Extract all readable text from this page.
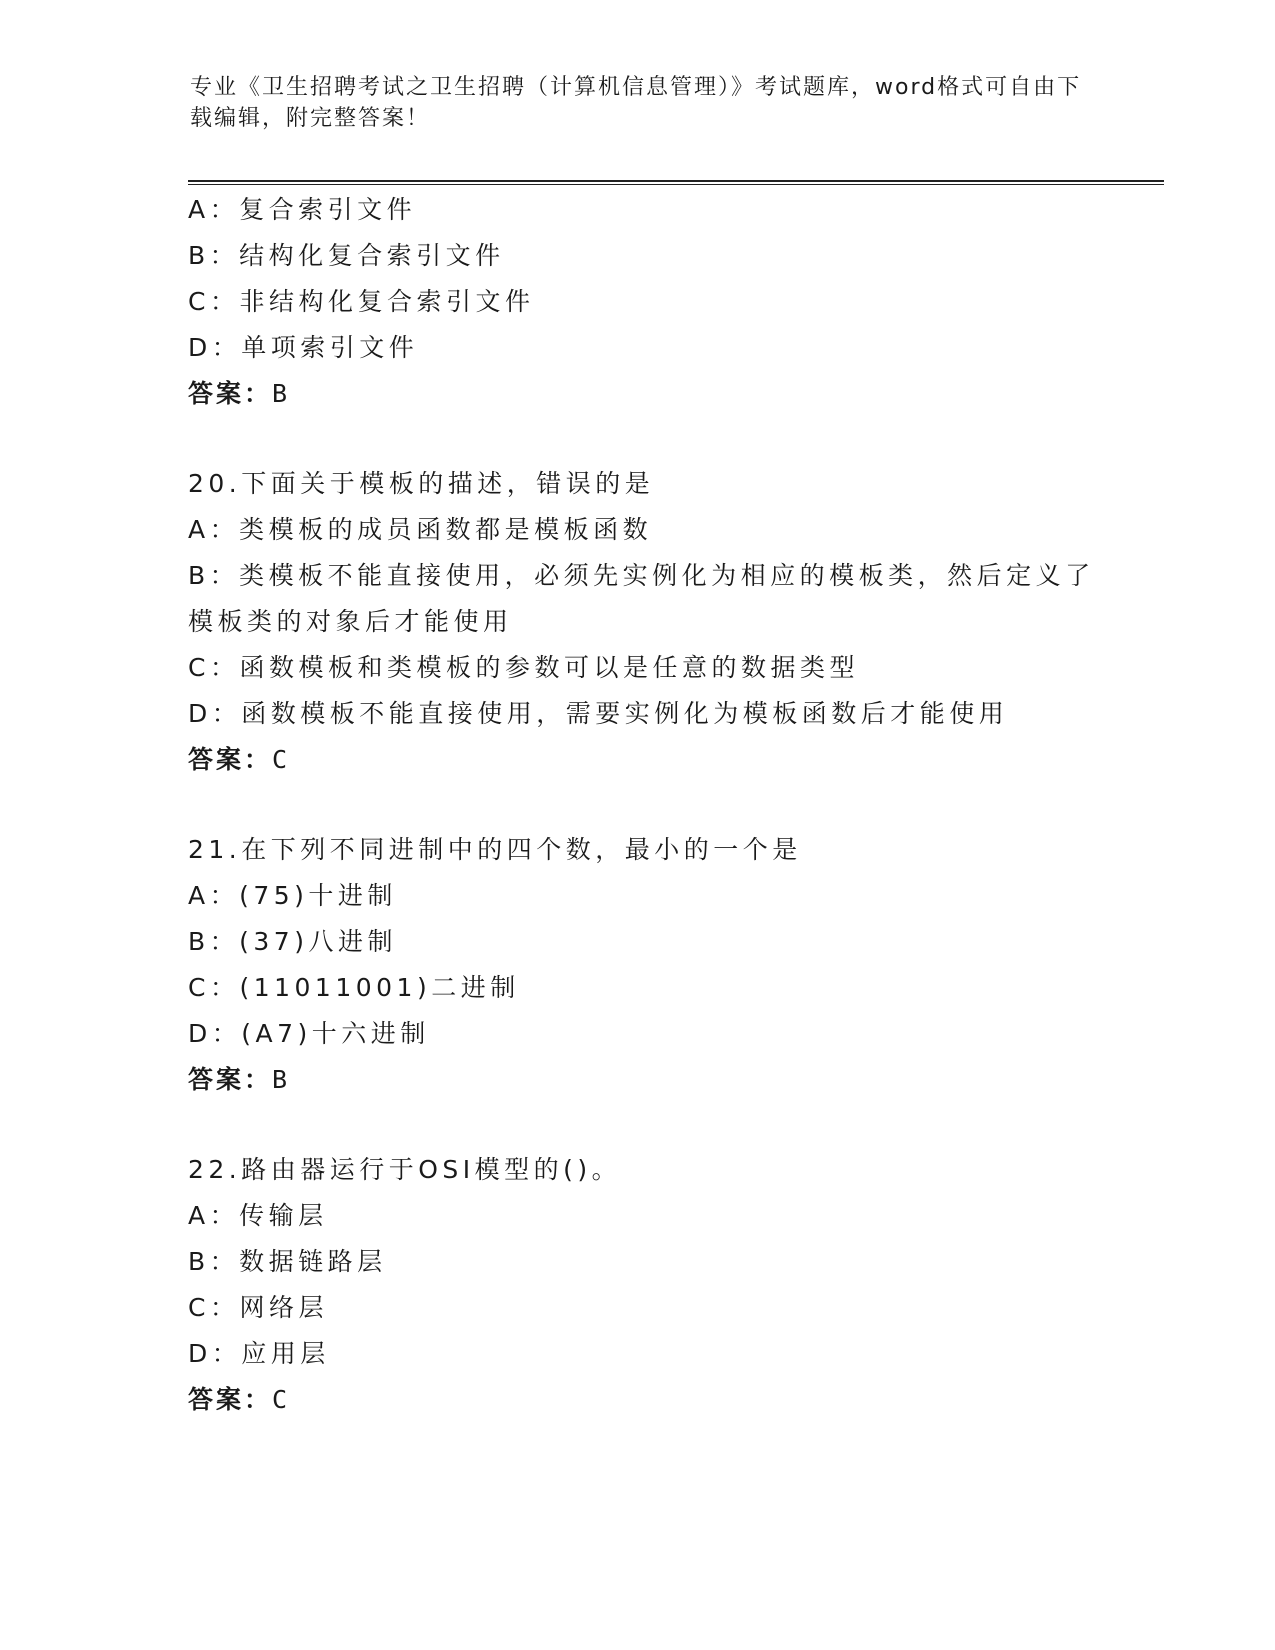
专业《卫生招聘考试之卫生招聘（计算机信息管理）》考试题库，word格式可自由下载编辑，附完整答案！

A：复合索引文件
B：结构化复合索引文件
C：非结构化复合索引文件
D：单项索引文件
答案：B
20.下面关于模板的描述，错误的是
A：类模板的成员函数都是模板函数
B：类模板不能直接使用，必须先实例化为相应的模板类，然后定义了
模板类的对象后才能使用
C：函数模板和类模板的参数可以是任意的数据类型
D：函数模板不能直接使用，需要实例化为模板函数后才能使用
答案：C
21.在下列不同进制中的四个数，最小的一个是
A：(75)十进制
B：(37)八进制
C：(11011001)二进制
D：(A7)十六进制
答案：B
22.路由器运行于OSI模型的()。
A：传输层
B：数据链路层
C：网络层
D：应用层
答案：C
